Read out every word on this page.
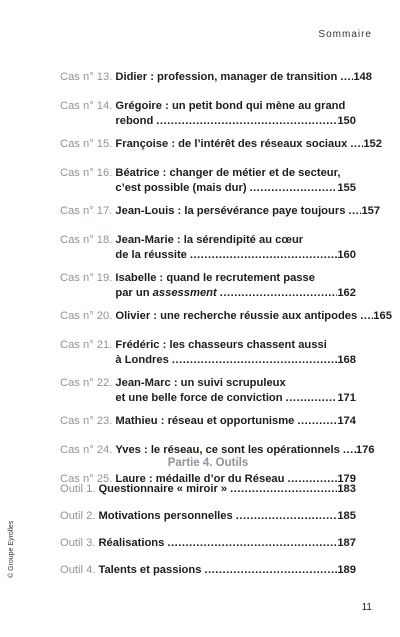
Sommaire
Cas n° 13. Didier : profession, manager de transition . . . 148
Cas n° 14. Grégoire : un petit bond qui mène au grand
rebond . . .	150
Cas n° 15. Françoise : de l’intérêt des réseaux sociaux . . . 152
Cas n° 16. Béatrice : changer de métier et de secteur,
c’est possible (mais dur) . . .	155
Cas n° 17. Jean-Louis : la persévérance paye toujours . . . 157
Cas n° 18. Jean-Marie : la sérendipité au cœur
de la réussite . . .	160
Cas n° 19. Isabelle : quand le recrutement passe
par un assessment . . .	162
Cas n° 20. Olivier : une recherche réussie aux antipodes . . . 165
Cas n° 21. Frédéric : les chasseurs chassent aussi
à Londres . . .	168
Cas n° 22. Jean-Marc : un suivi scrupuleux
et une belle force de conviction . . .	171
Cas n° 23. Mathieu : réseau et opportunisme . . .	174
Cas n° 24. Yves : le réseau, ce sont les opérationnels . . . 176
Cas n° 25. Laure : médaille d’or du Réseau . . .	179
Partie 4. Outils
Outil 1. Questionnaire « miroir » . . .	183
Outil 2. Motivations personnelles . . .	185
Outil 3. Réalisations . . .	187
Outil 4. Talents et passions . . .	189
© Groupe Eyrolles
11
